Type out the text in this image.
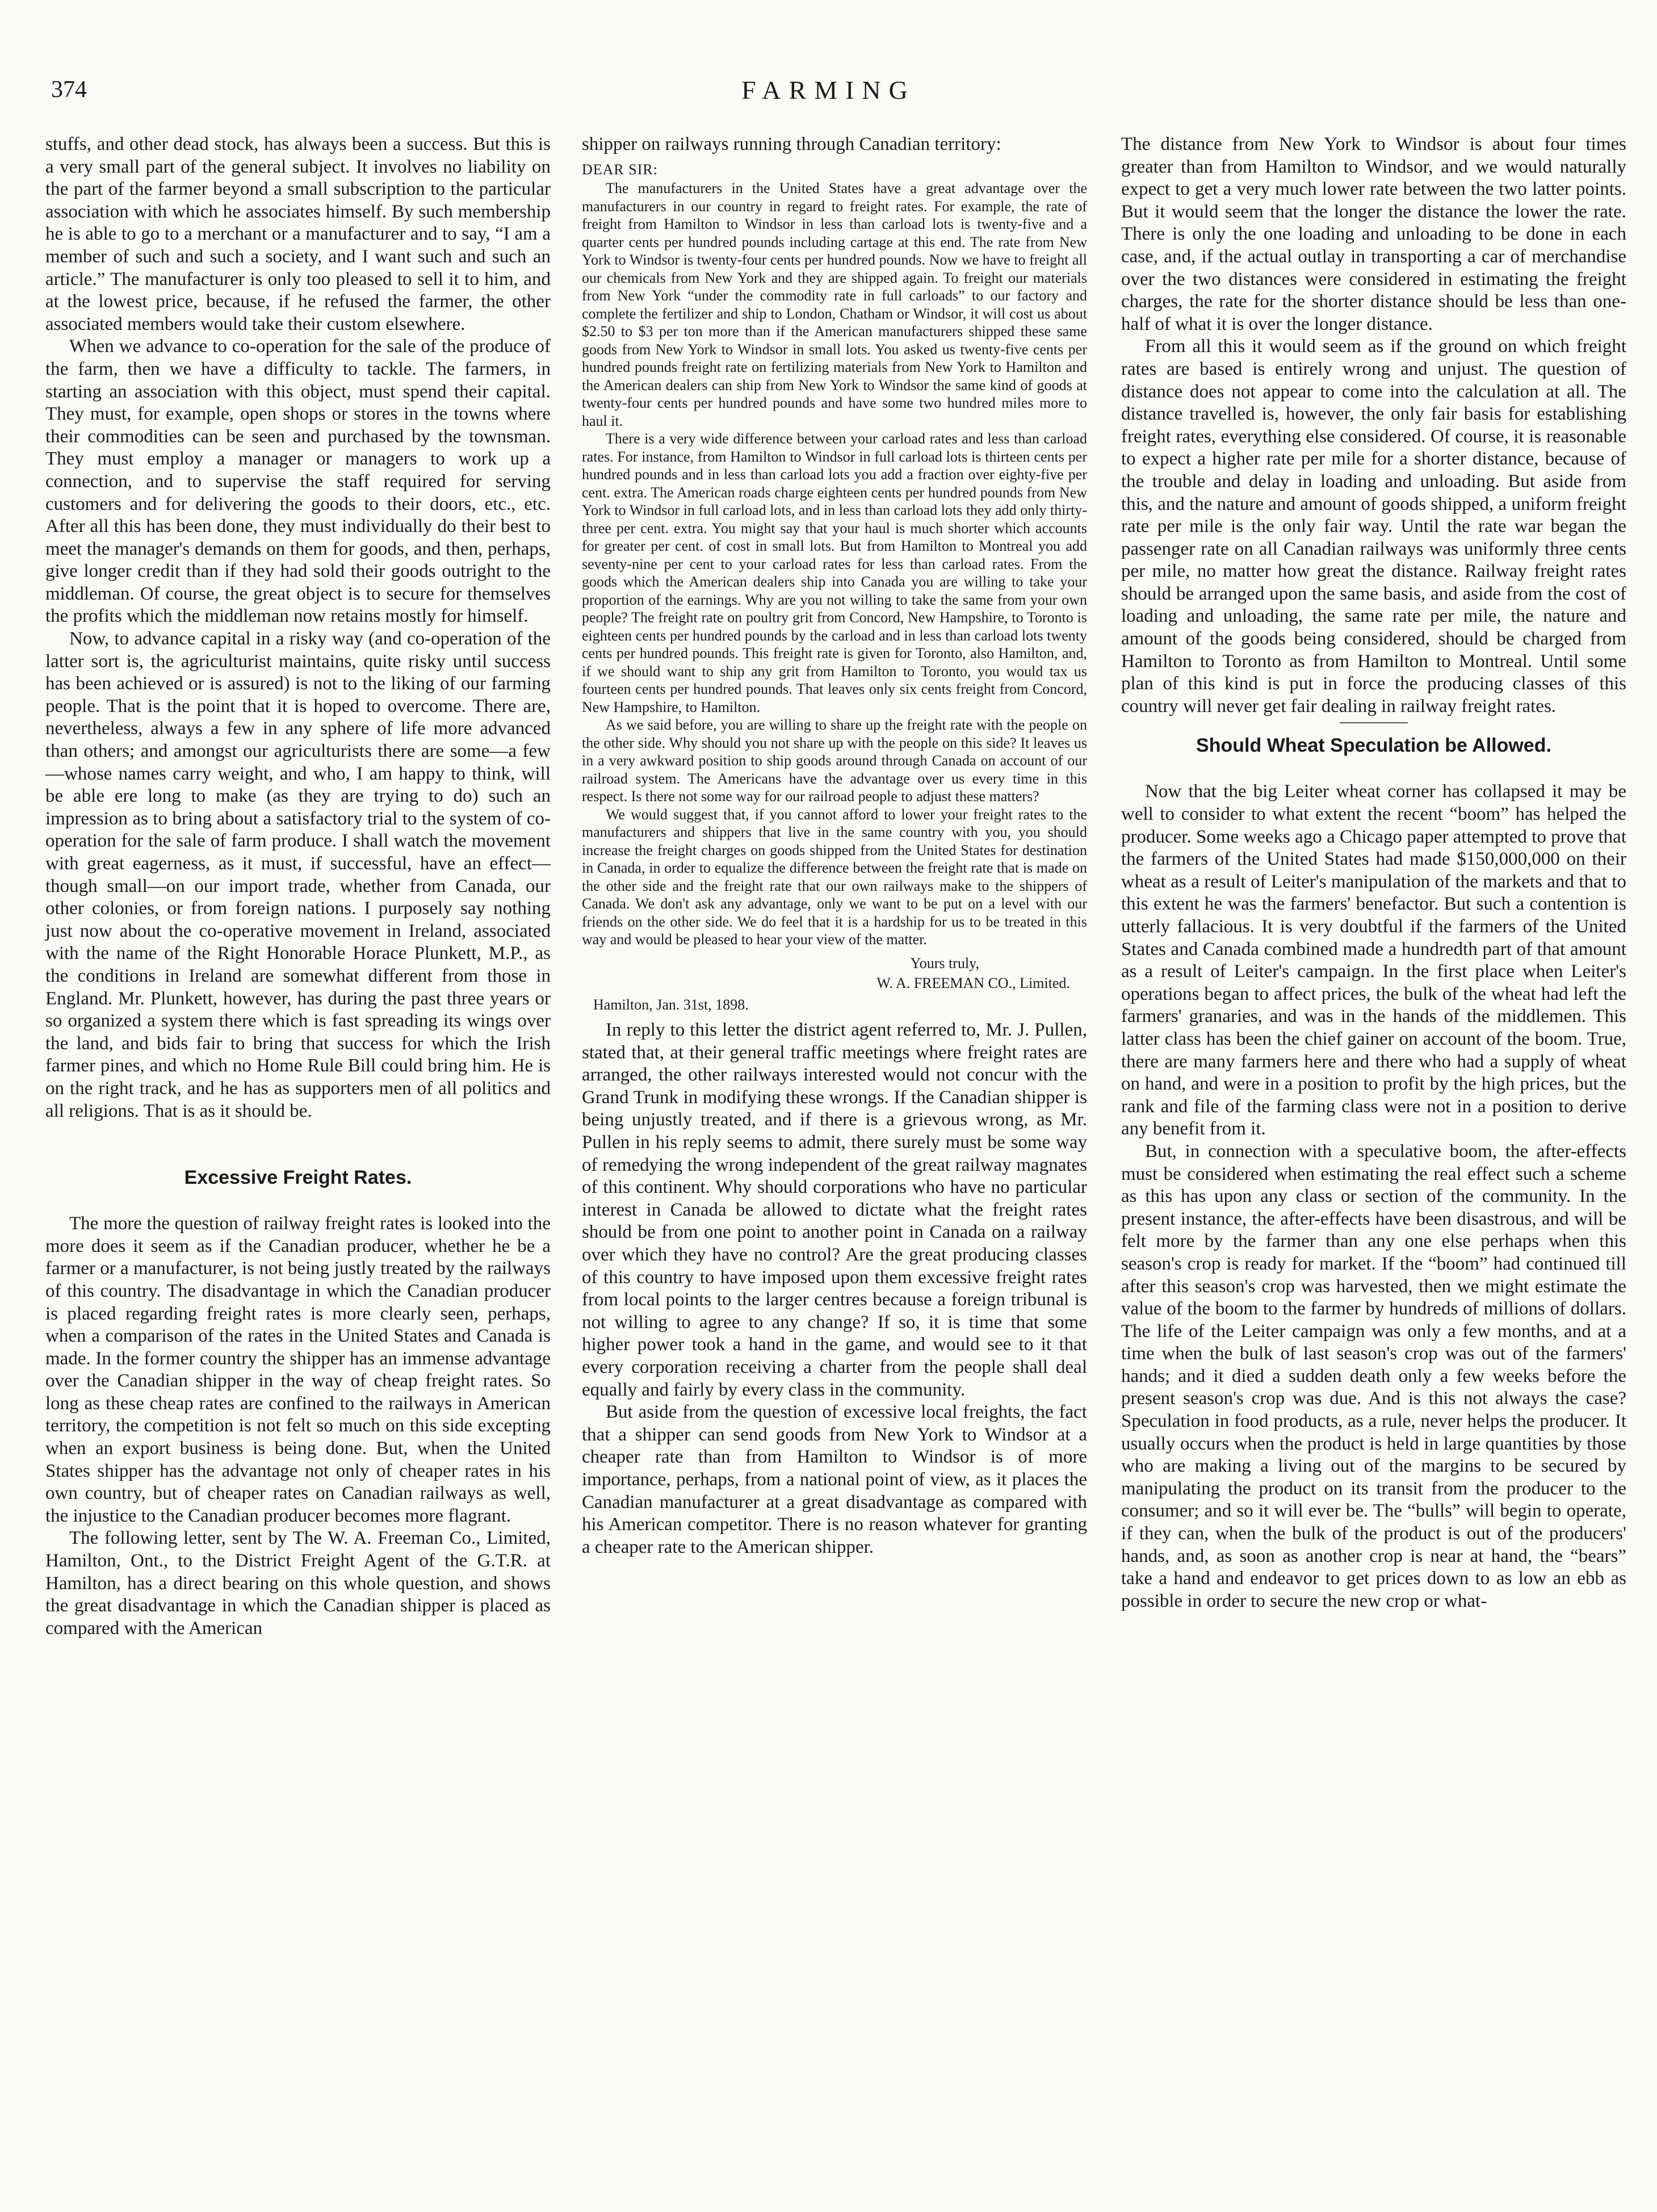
374	FARMING

stuffs, and other dead stock, has always been a success. But this is a very small part of the general subject. It involves no liability on the part of the farmer beyond a small subscription to the particular association with which he associates himself. By such membership he is able to go to a merchant or a manufacturer and to say, “I am a member of such and such a society, and I want such and such an article.” The manufacturer is only too pleased to sell it to him, and at the lowest price, because, if he refused the farmer, the other associated members would take their custom elsewhere.

When we advance to co-operation for the sale of the produce of the farm, then we have a difficulty to tackle. The farmers, in starting an association with this object, must spend their capital. They must, for example, open shops or stores in the towns where their commodities can be seen and purchased by the townsman. They must employ a manager or managers to work up a connection, and to supervise the staff required for serving customers and for delivering the goods to their doors, etc., etc. After all this has been done, they must individually do their best to meet the manager's demands on them for goods, and then, perhaps, give longer credit than if they had sold their goods outright to the middleman. Of course, the great object is to secure for themselves the profits which the middleman now retains mostly for himself.

Now, to advance capital in a risky way (and co-operation of the latter sort is, the agriculturist maintains, quite risky until success has been achieved or is assured) is not to the liking of our farming people. That is the point that it is hoped to overcome. There are, nevertheless, always a few in any sphere of life more advanced than others; and amongst our agriculturists there are some—a few—whose names carry weight, and who, I am happy to think, will be able ere long to make (as they are trying to do) such an impression as to bring about a satisfactory trial to the system of co-operation for the sale of farm produce. I shall watch the movement with great eagerness, as it must, if successful, have an effect—though small—on our import trade, whether from Canada, our other colonies, or from foreign nations. I purposely say nothing just now about the co-operative movement in Ireland, associated with the name of the Right Honorable Horace Plunkett, M.P., as the conditions in Ireland are somewhat different from those in England. Mr. Plunkett, however, has during the past three years or so organized a system there which is fast spreading its wings over the land, and bids fair to bring that success for which the Irish farmer pines, and which no Home Rule Bill could bring him. He is on the right track, and he has as supporters men of all politics and all religions. That is as it should be.

Excessive Freight Rates.

The more the question of railway freight rates is looked into the more does it seem as if the Canadian producer, whether he be a farmer or a manufacturer, is not being justly treated by the railways of this country. The disadvantage in which the Canadian producer is placed regarding freight rates is more clearly seen, perhaps, when a comparison of the rates in the United States and Canada is made. In the former country the shipper has an immense advantage over the Canadian shipper in the way of cheap freight rates. So long as these cheap rates are confined to the railways in American territory, the competition is not felt so much on this side excepting when an export business is being done. But, when the United States shipper has the advantage not only of cheaper rates in his own country, but of cheaper rates on Canadian railways as well, the injustice to the Canadian producer becomes more flagrant.

The following letter, sent by The W. A. Freeman Co., Limited, Hamilton, Ont., to the District Freight Agent of the G.T.R. at Hamilton, has a direct bearing on this whole question, and shows the great disadvantage in which the Canadian shipper is placed as compared with the American

shipper on railways running through Canadian territory:

DEAR SIR:

The manufacturers in the United States have a great advantage over the manufacturers in our country in regard to freight rates. For example, the rate of freight from Hamilton to Windsor in less than carload lots is twenty-five and a quarter cents per hundred pounds including cartage at this end. The rate from New York to Windsor is twenty-four cents per hundred pounds. Now we have to freight all our chemicals from New York and they are shipped again. To freight our materials from New York “under the commodity rate in full carloads” to our factory and complete the fertilizer and ship to London, Chatham or Windsor, it will cost us about $2.50 to $3 per ton more than if the American manufacturers shipped these same goods from New York to Windsor in small lots. You asked us twenty-five cents per hundred pounds freight rate on fertilizing materials from New York to Hamilton and the American dealers can ship from New York to Windsor the same kind of goods at twenty-four cents per hundred pounds and have some two hundred miles more to haul it.

There is a very wide difference between your carload rates and less than carload rates. For instance, from Hamilton to Windsor in full carload lots is thirteen cents per hundred pounds and in less than carload lots you add a fraction over eighty-five per cent. extra. The American roads charge eighteen cents per hundred pounds from New York to Windsor in full carload lots, and in less than carload lots they add only thirty-three per cent. extra. You might say that your haul is much shorter which accounts for greater per cent. of cost in small lots. But from Hamilton to Montreal you add seventy-nine per cent to your carload rates for less than carload rates. From the goods which the American dealers ship into Canada you are willing to take your proportion of the earnings. Why are you not willing to take the same from your own people? The freight rate on poultry grit from Concord, New Hampshire, to Toronto is eighteen cents per hundred pounds by the carload and in less than carload lots twenty cents per hundred pounds. This freight rate is given for Toronto, also Hamilton, and, if we should want to ship any grit from Hamilton to Toronto, you would tax us fourteen cents per hundred pounds. That leaves only six cents freight from Concord, New Hampshire, to Hamilton.

As we said before, you are willing to share up the freight rate with the people on the other side. Why should you not share up with the people on this side? It leaves us in a very awkward position to ship goods around through Canada on account of our railroad system. The Americans have the advantage over us every time in this respect. Is there not some way for our railroad people to adjust these matters?

We would suggest that, if you cannot afford to lower your freight rates to the manufacturers and shippers that live in the same country with you, you should increase the freight charges on goods shipped from the United States for destination in Canada, in order to equalize the difference between the freight rate that is made on the other side and the freight rate that our own railways make to the shippers of Canada. We don't ask any advantage, only we want to be put on a level with our friends on the other side. We do feel that it is a hardship for us to be treated in this way and would be pleased to hear your view of the matter.

Yours truly,

W. A. FREEMAN CO., Limited.

Hamilton, Jan. 31st, 1898.

In reply to this letter the district agent referred to, Mr. J. Pullen, stated that, at their general traffic meetings where freight rates are arranged, the other railways interested would not concur with the Grand Trunk in modifying these wrongs. If the Canadian shipper is being unjustly treated, and if there is a grievous wrong, as Mr. Pullen in his reply seems to admit, there surely must be some way of remedying the wrong independent of the great railway magnates of this continent. Why should corporations who have no particular interest in Canada be allowed to dictate what the freight rates should be from one point to another point in Canada on a railway over which they have no control? Are the great producing classes of this country to have imposed upon them excessive freight rates from local points to the larger centres because a foreign tribunal is not willing to agree to any change? If so, it is time that some higher power took a hand in the game, and would see to it that every corporation receiving a charter from the people shall deal equally and fairly by every class in the community.

But aside from the question of excessive local freights, the fact that a shipper can send goods from New York to Windsor at a cheaper rate than from Hamilton to Windsor is of more importance, perhaps, from a national point of view, as it places the Canadian manufacturer at a great disadvantage as compared with his American competitor. There is no reason whatever for granting a cheaper rate to the American shipper.

The distance from New York to Windsor is about four times greater than from Hamilton to Windsor, and we would naturally expect to get a very much lower rate between the two latter points. But it would seem that the longer the distance the lower the rate. There is only the one loading and unloading to be done in each case, and, if the actual outlay in transporting a car of merchandise over the two distances were considered in estimating the freight charges, the rate for the shorter distance should be less than one-half of what it is over the longer distance.

From all this it would seem as if the ground on which freight rates are based is entirely wrong and unjust. The question of distance does not appear to come into the calculation at all. The distance travelled is, however, the only fair basis for establishing freight rates, everything else considered. Of course, it is reasonable to expect a higher rate per mile for a shorter distance, because of the trouble and delay in loading and unloading. But aside from this, and the nature and amount of goods shipped, a uniform freight rate per mile is the only fair way. Until the rate war began the passenger rate on all Canadian railways was uniformly three cents per mile, no matter how great the distance. Railway freight rates should be arranged upon the same basis, and aside from the cost of loading and unloading, the same rate per mile, the nature and amount of the goods being considered, should be charged from Hamilton to Toronto as from Hamilton to Montreal. Until some plan of this kind is put in force the producing classes of this country will never get fair dealing in railway freight rates.

Should Wheat Speculation be Allowed.

Now that the big Leiter wheat corner has collapsed it may be well to consider to what extent the recent “boom” has helped the producer. Some weeks ago a Chicago paper attempted to prove that the farmers of the United States had made $150,000,000 on their wheat as a result of Leiter's manipulation of the markets and that to this extent he was the farmers' benefactor. But such a contention is utterly fallacious. It is very doubtful if the farmers of the United States and Canada combined made a hundredth part of that amount as a result of Leiter's campaign. In the first place when Leiter's operations began to affect prices, the bulk of the wheat had left the farmers' granaries, and was in the hands of the middlemen. This latter class has been the chief gainer on account of the boom. True, there are many farmers here and there who had a supply of wheat on hand, and were in a position to profit by the high prices, but the rank and file of the farming class were not in a position to derive any benefit from it.

But, in connection with a speculative boom, the after-effects must be considered when estimating the real effect such a scheme as this has upon any class or section of the community. In the present instance, the after-effects have been disastrous, and will be felt more by the farmer than any one else perhaps when this season's crop is ready for market. If the “boom” had continued till after this season's crop was harvested, then we might estimate the value of the boom to the farmer by hundreds of millions of dollars. The life of the Leiter campaign was only a few months, and at a time when the bulk of last season's crop was out of the farmers' hands; and it died a sudden death only a few weeks before the present season's crop was due. And is this not always the case? Speculation in food products, as a rule, never helps the producer. It usually occurs when the product is held in large quantities by those who are making a living out of the margins to be secured by manipulating the product on its transit from the producer to the consumer; and so it will ever be. The “bulls” will begin to operate, if they can, when the bulk of the product is out of the producers' hands, and, as soon as another crop is near at hand, the “bears” take a hand and endeavor to get prices down to as low an ebb as possible in order to secure the new crop or what-
